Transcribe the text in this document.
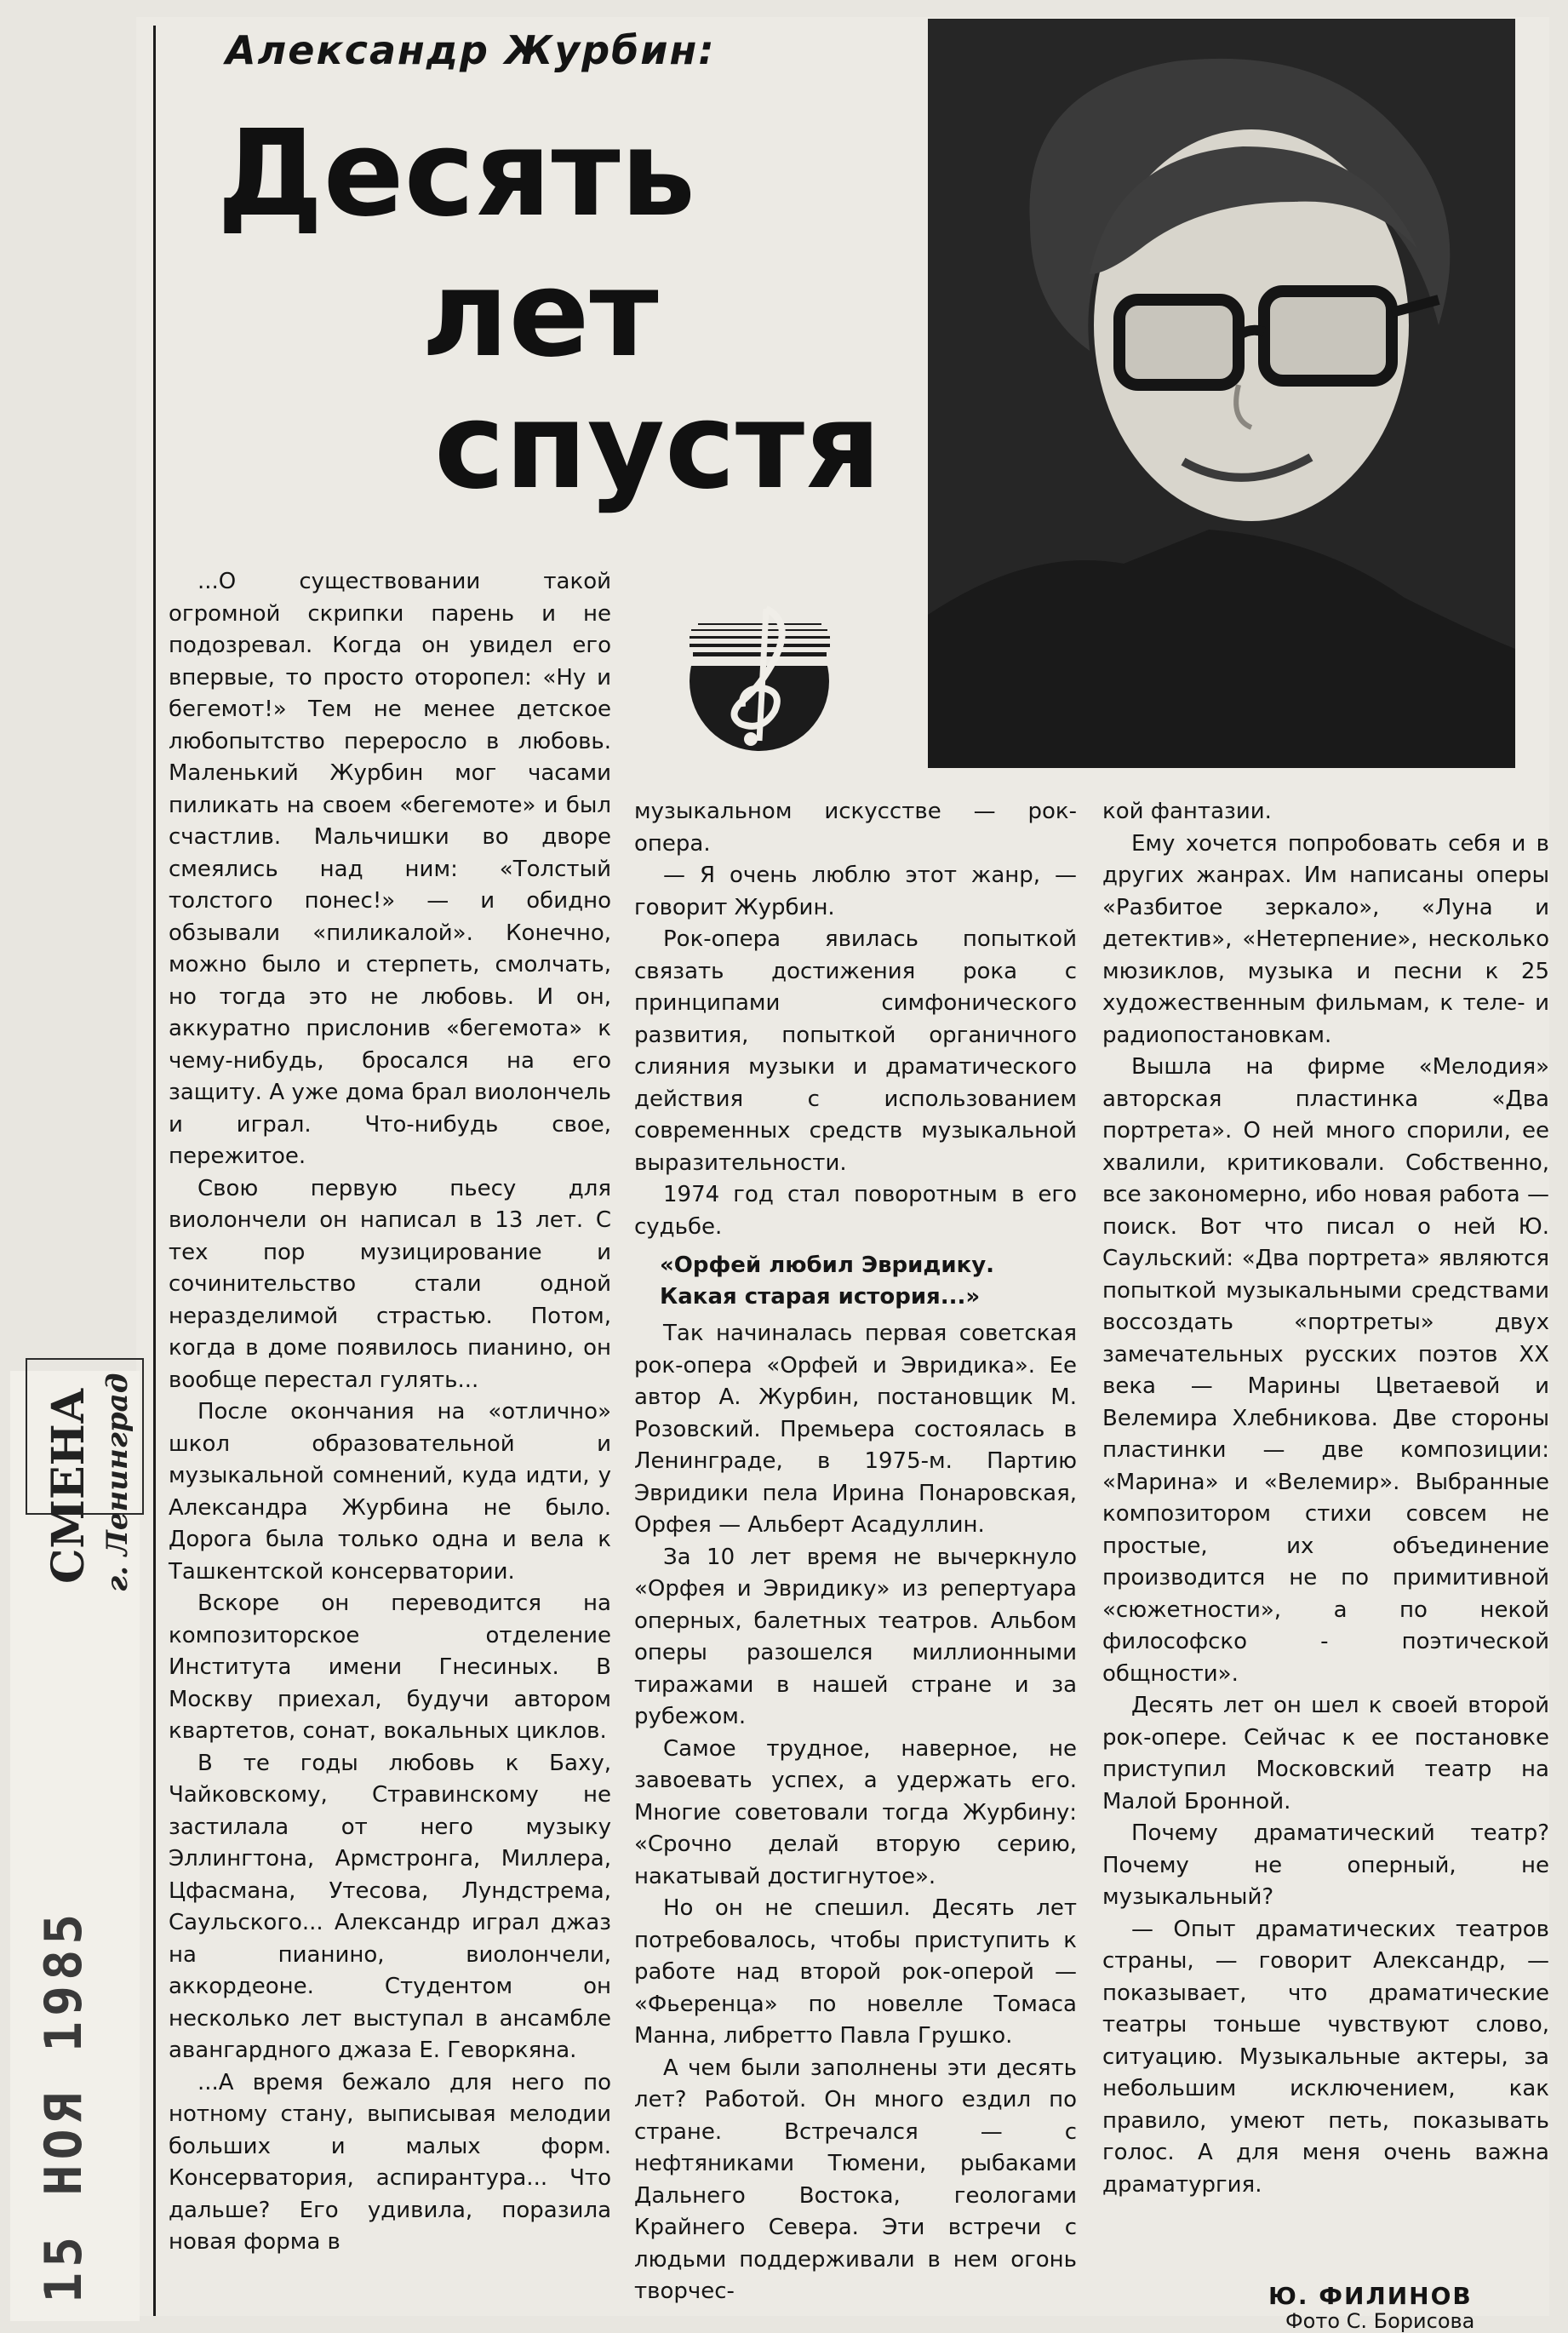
СМЕНА г. Ленинград
15 НОЯ 1985
Александр Журбин:
Десять
лет
спустя

...О существовании такой огромной скрипки парень и не подозревал. Когда он увидел его впервые, то просто оторопел: «Ну и бегемот!» Тем не менее детское любопытство переросло в любовь. Маленький Журбин мог часами пиликать на своем «бегемоте» и был счастлив. Мальчишки во дворе смеялись над ним: «Толстый толстого понес!» — и обидно обзывали «пиликалой». Конечно, можно было и стерпеть, смолчать, но тогда это не любовь. И он, аккуратно прислонив «бегемота» к чему-нибудь, бросался на его защиту. А уже дома брал виолончель и играл. Что-нибудь свое, пережитое.

Свою первую пьесу для виолончели он написал в 13 лет. С тех пор музицирование и сочинительство стали одной неразделимой страстью. Потом, когда в доме появилось пианино, он вообще перестал гулять...

После окончания на «отлично» школ образовательной и музыкальной сомнений, куда идти, у Александра Журбина не было. Дорога была только одна и вела к Ташкентской консерватории.

Вскоре он переводится на композиторское отделение Института имени Гнесиных. В Москву приехал, будучи автором квартетов, сонат, вокальных циклов.

В те годы любовь к Баху, Чайковскому, Стравинскому не застилала от него музыку Эллингтона, Армстронга, Миллера, Цфасмана, Утесова, Лундстрема, Саульского... Александр играл джаз на пианино, виолончели, аккордеоне. Студентом он несколько лет выступал в ансамбле авангардного джаза Е. Геворкяна.

...А время бежало для него по нотному стану, выписывая мелодии больших и малых форм. Консерватория, аспирантура... Что дальше? Его удивила, поразила новая форма в

музыкальном искусстве — рок-опера.

— Я очень люблю этот жанр, — говорит Журбин.

Рок-опера явилась попыткой связать достижения рока с принципами симфонического развития, попыткой органичного слияния музыки и драматического действия с использованием современных средств музыкальной выразительности.

1974 год стал поворотным в его судьбе.

«Орфей любил Эвридику. Какая старая история...»

Так начиналась первая советская рок-опера «Орфей и Эвридика». Ее автор А. Журбин, постановщик М. Розовский. Премьера состоялась в Ленинграде, в 1975-м. Партию Эвридики пела Ирина Понаровская, Орфея — Альберт Асадуллин.

За 10 лет время не вычеркнуло «Орфея и Эвридику» из репертуара оперных, балетных театров. Альбом оперы разошелся миллионными тиражами в нашей стране и за рубежом.

Самое трудное, наверное, не завоевать успех, а удержать его. Многие советовали тогда Журбину: «Срочно делай вторую серию, накатывай достигнутое».

Но он не спешил. Десять лет потребовалось, чтобы приступить к работе над второй рок-оперой — «Фьеренца» по новелле Томаса Манна, либретто Павла Грушко.

А чем были заполнены эти десять лет? Работой. Он много ездил по стране. Встречался — с нефтяниками Тюмени, рыбаками Дальнего Востока, геологами Крайнего Севера. Эти встречи с людьми поддерживали в нем огонь творчес-

кой фантазии.

Ему хочется попробовать себя и в других жанрах. Им написаны оперы «Разбитое зеркало», «Луна и детектив», «Нетерпение», несколько мюзиклов, музыка и песни к 25 художественным фильмам, к теле- и радиопостановкам.

Вышла на фирме «Мелодия» авторская пластинка «Два портрета». О ней много спорили, ее хвалили, критиковали. Собственно, все закономерно, ибо новая работа — поиск. Вот что писал о ней Ю. Саульский: «Два портрета» являются попыткой музыкальными средствами воссоздать «портреты» двух замечательных русских поэтов XX века — Марины Цветаевой и Велемира Хлебникова. Две стороны пластинки — две композиции: «Марина» и «Велемир». Выбранные композитором стихи совсем не простые, их объединение производится не по примитивной «сюжетности», а по некой философско - поэтической общности».

Десять лет он шел к своей второй рок-опере. Сейчас к ее постановке приступил Московский театр на Малой Бронной.

Почему драматический театр? Почему не оперный, не музыкальный?

— Опыт драматических театров страны, — говорит Александр, — показывает, что драматические театры тоньше чувствуют слово, ситуацию. Музыкальные актеры, за небольшим исключением, как правило, умеют петь, показывать голос. А для меня очень важна драматургия.

Ю. ФИЛИНОВ
Фото С. Борисова
